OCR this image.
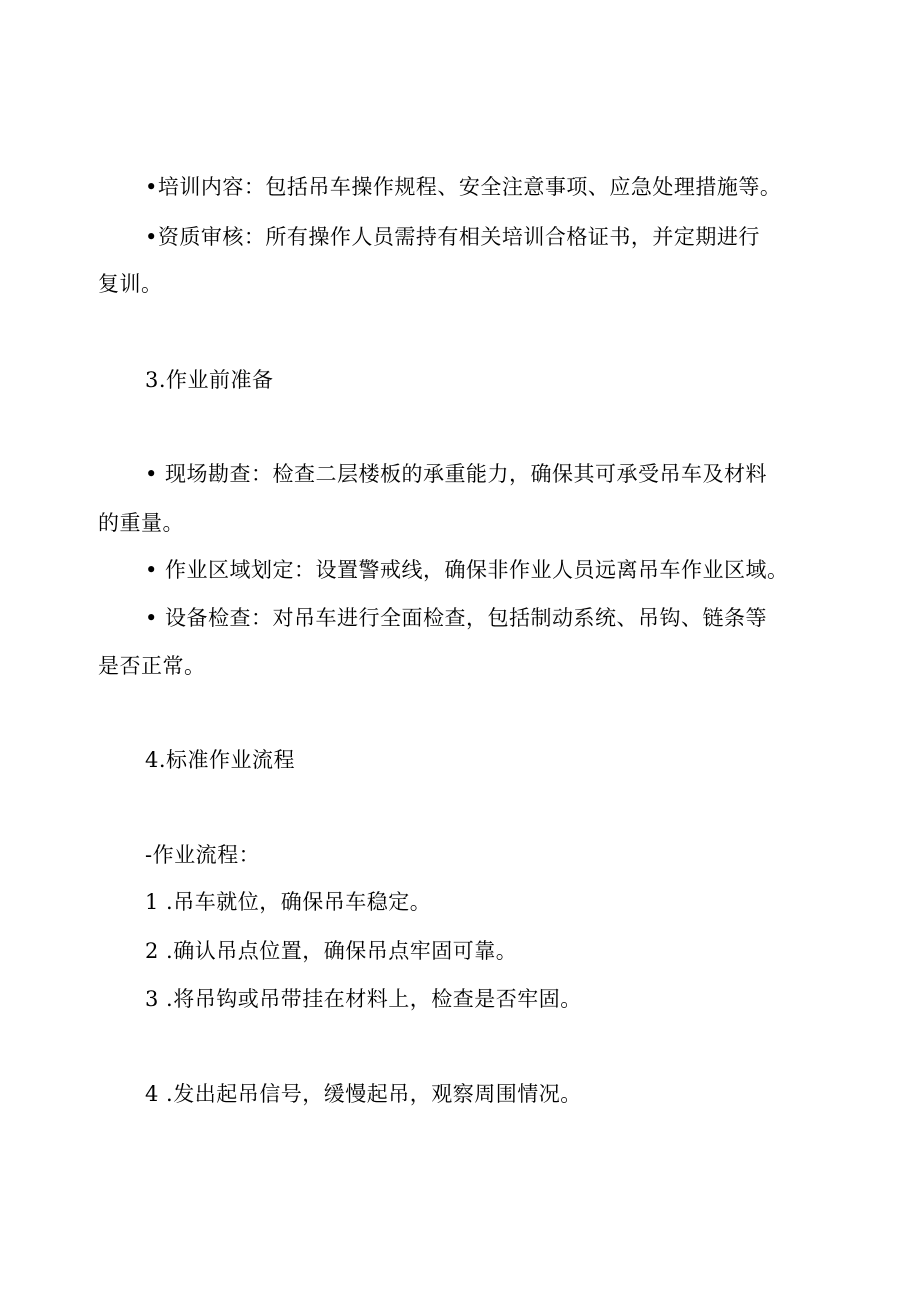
•培训内容：包括吊车操作规程、安全注意事项、应急处理措施等。
•资质审核：所有操作人员需持有相关培训合格证书，并定期进行
复训。
3.作业前准备
• 现场勘查：检查二层楼板的承重能力，确保其可承受吊车及材料
的重量。
• 作业区域划定：设置警戒线，确保非作业人员远离吊车作业区域。
• 设备检查：对吊车进行全面检查，包括制动系统、吊钩、链条等
是否正常。
4.标准作业流程
-作业流程：
1 .吊车就位，确保吊车稳定。
2 .确认吊点位置，确保吊点牢固可靠。
3 .将吊钩或吊带挂在材料上，检查是否牢固。
4 .发出起吊信号，缓慢起吊，观察周围情况。
